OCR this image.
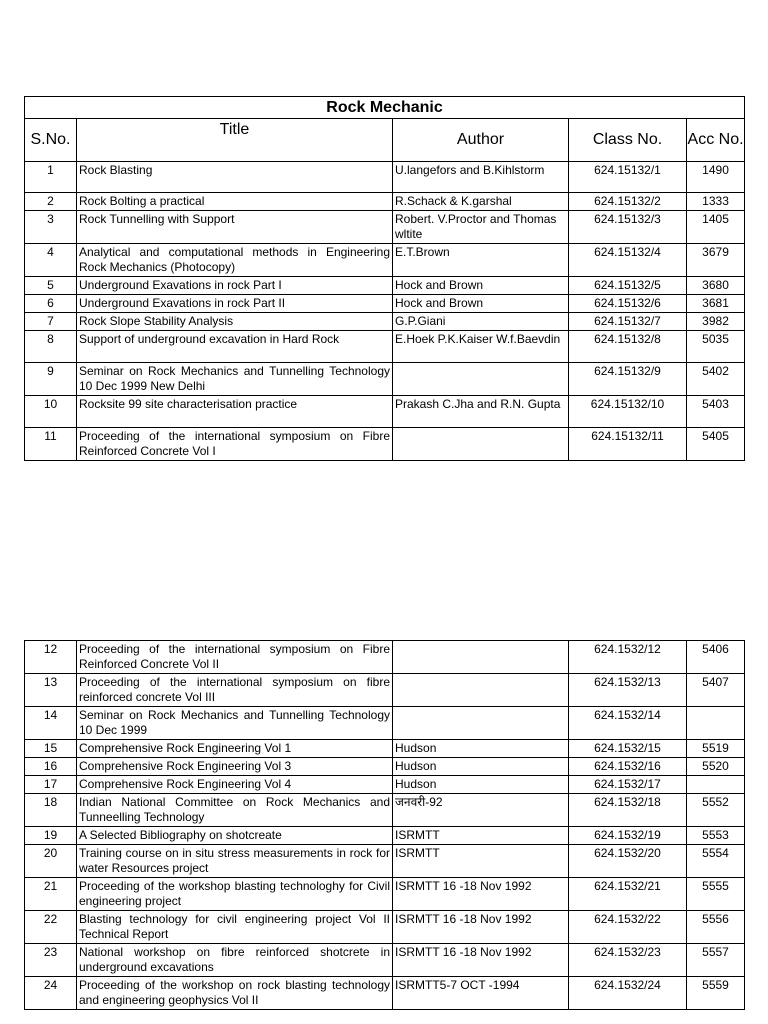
Rock Mechanic				
S.No.	Title	Author	Class No.	Acc No.
1	Rock Blasting	U.langefors and B.Kihlstorm	624.15132/1	1490
2	Rock Bolting a practical	R.Schack & K.garshal	624.15132/2	1333
3	Rock Tunnelling with Support	Robert. V.Proctor and Thomas wltite	624.15132/3	1405
4	Analytical and computational methods in Engineering Rock Mechanics (Photocopy)	E.T.Brown	624.15132/4	3679
5	Underground Exavations in rock Part I	Hock and Brown	624.15132/5	3680
6	Underground Exavations in rock Part II	Hock and Brown	624.15132/6	3681
7	Rock Slope Stability Analysis	G.P.Giani	624.15132/7	3982
8	Support of underground excavation in Hard Rock	E.Hoek P.K.Kaiser W.f.Baevdin	624.15132/8	5035
9	Seminar on Rock Mechanics and Tunnelling Technology 10 Dec 1999 New Delhi		624.15132/9	5402
10	Rocksite 99 site characterisation practice	Prakash C.Jha and R.N. Gupta	624.15132/10	5403
11	Proceeding of the international symposium on Fibre Reinforced Concrete Vol I		624.15132/11	5405
12	Proceeding of the international symposium on Fibre Reinforced Concrete Vol II		624.1532/12	5406
13	Proceeding of the international symposium on fibre reinforced concrete Vol III		624.1532/13	5407
14	Seminar on Rock Mechanics and Tunnelling Technology 10 Dec 1999		624.1532/14	
15	Comprehensive Rock Engineering Vol 1	Hudson	624.1532/15	5519
16	Comprehensive Rock Engineering Vol 3	Hudson	624.1532/16	5520
17	Comprehensive Rock Engineering Vol 4	Hudson	624.1532/17	
18	Indian National Committee on Rock Mechanics and Tunneelling Technology	जनवरी-92	624.1532/18	5552
19	A Selected Bibliography on shotcreate	ISRMTT	624.1532/19	5553
20	Training course on in situ stress measurements in rock for water Resources project	ISRMTT	624.1532/20	5554
21	Proceeding of the workshop blasting technologhy for Civil engineering project	ISRMTT 16 -18 Nov 1992	624.1532/21	5555
22	Blasting technology for civil engineering project Vol II Technical Report	ISRMTT 16 -18 Nov 1992	624.1532/22	5556
23	National workshop on fibre reinforced shotcrete in underground excavations	ISRMTT 16 -18 Nov 1992	624.1532/23	5557
24	Proceeding of the workshop on rock blasting technology and engineering geophysics Vol II	ISRMTT5-7 OCT -1994	624.1532/24	5559
